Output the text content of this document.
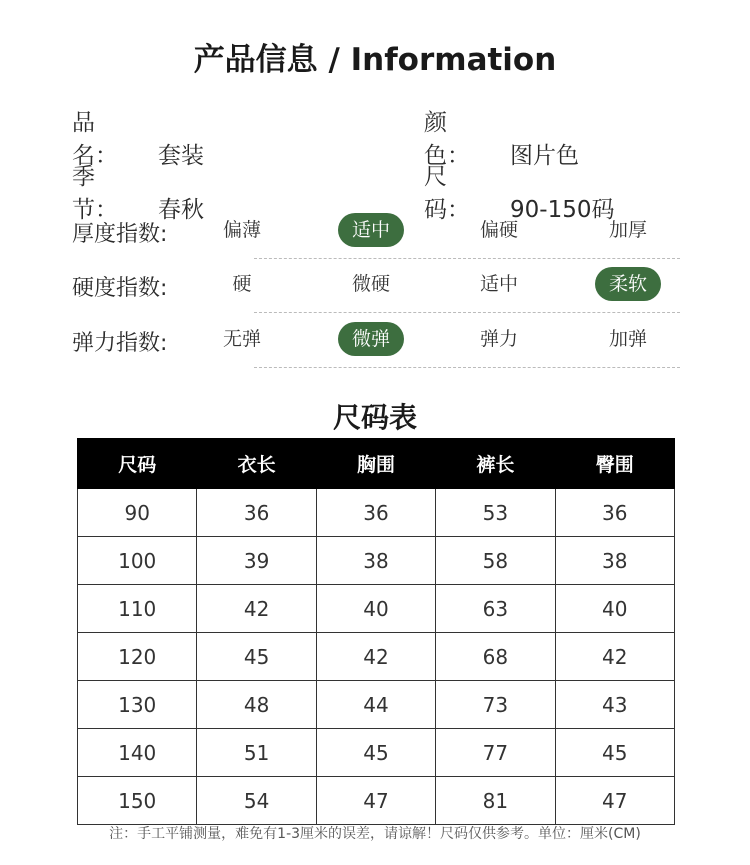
产品信息 / Information
品　名： 套装
颜　色： 图片色
季　节： 春秋
尺　码： 90-150码
厚度指数:	偏薄	适中	偏硬	加厚
硬度指数:	硬	微硬	适中	柔软
弹力指数:	无弹	微弹	弹力	加弹
尺码表
尺码	衣长	胸围	裤长	臀围
90	36	36	53	36
100	39	38	58	38
110	42	40	63	40
120	45	42	68	42
130	48	44	73	43
140	51	45	77	45
150	54	47	81	47
注：手工平铺测量，难免有1-3厘米的误差，请谅解！尺码仅供参考。单位：厘米(CM)
